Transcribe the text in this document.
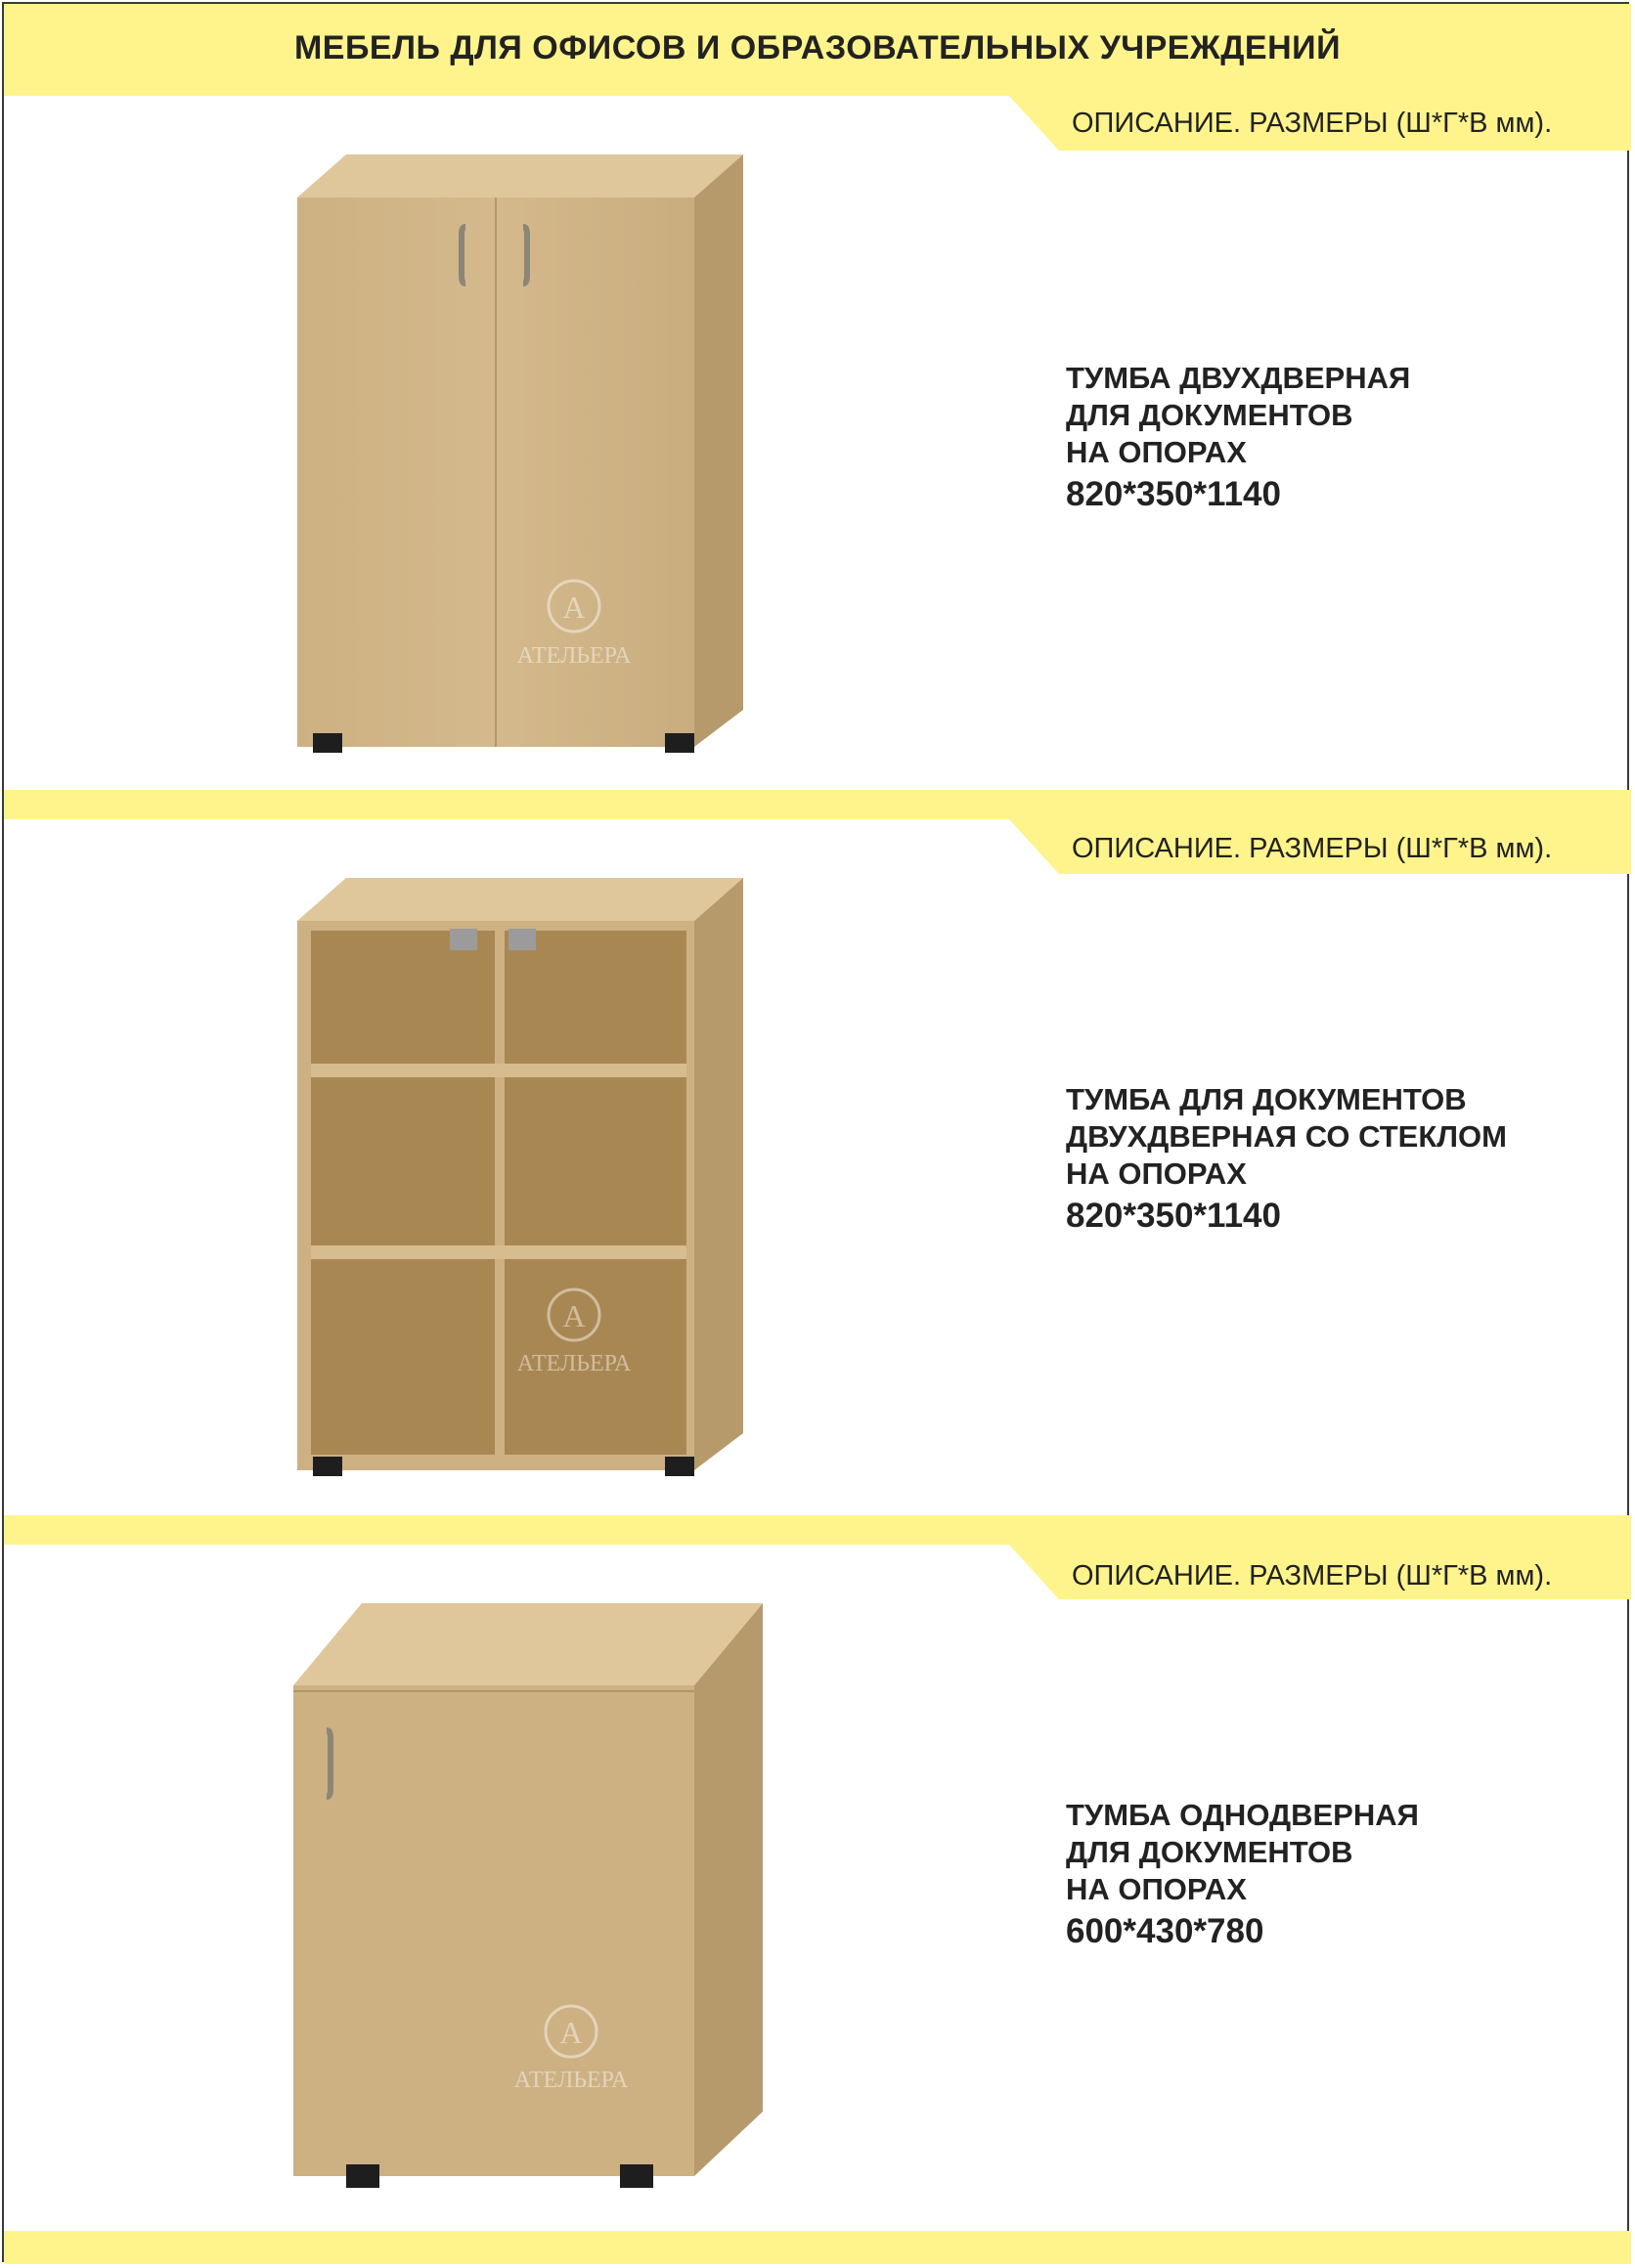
МЕБЕЛЬ ДЛЯ ОФИСОВ И ОБРАЗОВАТЕЛЬНЫХ УЧРЕЖДЕНИЙ
ОПИСАНИЕ. РАЗМЕРЫ (Ш*Г*В мм).
А
АТЕЛЬЕРА
ТУМБА ДВУХДВЕРНАЯ
ДЛЯ ДОКУМЕНТОВ
НА ОПОРАХ
820*350*1140
ОПИСАНИЕ. РАЗМЕРЫ (Ш*Г*В мм).
А
АТЕЛЬЕРА
ТУМБА ДЛЯ ДОКУМЕНТОВ
ДВУХДВЕРНАЯ СО СТЕКЛОМ
НА ОПОРАХ
820*350*1140
ОПИСАНИЕ. РАЗМЕРЫ (Ш*Г*В мм).
А
АТЕЛЬЕРА
ТУМБА ОДНОДВЕРНАЯ
ДЛЯ ДОКУМЕНТОВ
НА ОПОРАХ
600*430*780
